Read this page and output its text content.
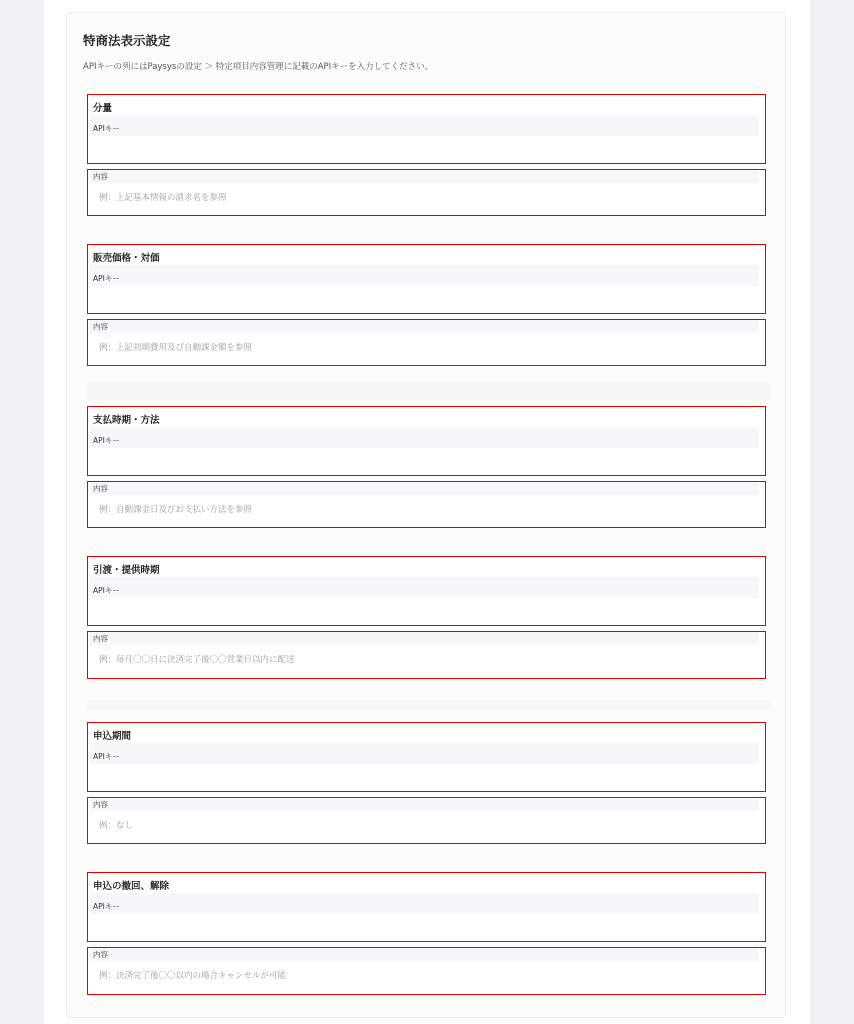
特商法表示設定
APIキーの列にはPaysysの設定 ＞ 特定項目内容管理に記載のAPIキーを入力してください。
分量
APIキー
内容
例：上記基本情報の請求名を参照
販売価格・対価
APIキー
内容
例：上記初期費用及び自動課金額を参照
支払時期・方法
APIキー
内容
例：自動課金日及びお支払い方法を参照
引渡・提供時期
APIキー
内容
例：毎月〇〇日に決済完了後〇〇営業日以内に配送
申込期間
APIキー
内容
例：なし
申込の撤回、解除
APIキー
内容
例：決済完了後〇〇以内の場合キャンセルが可能
